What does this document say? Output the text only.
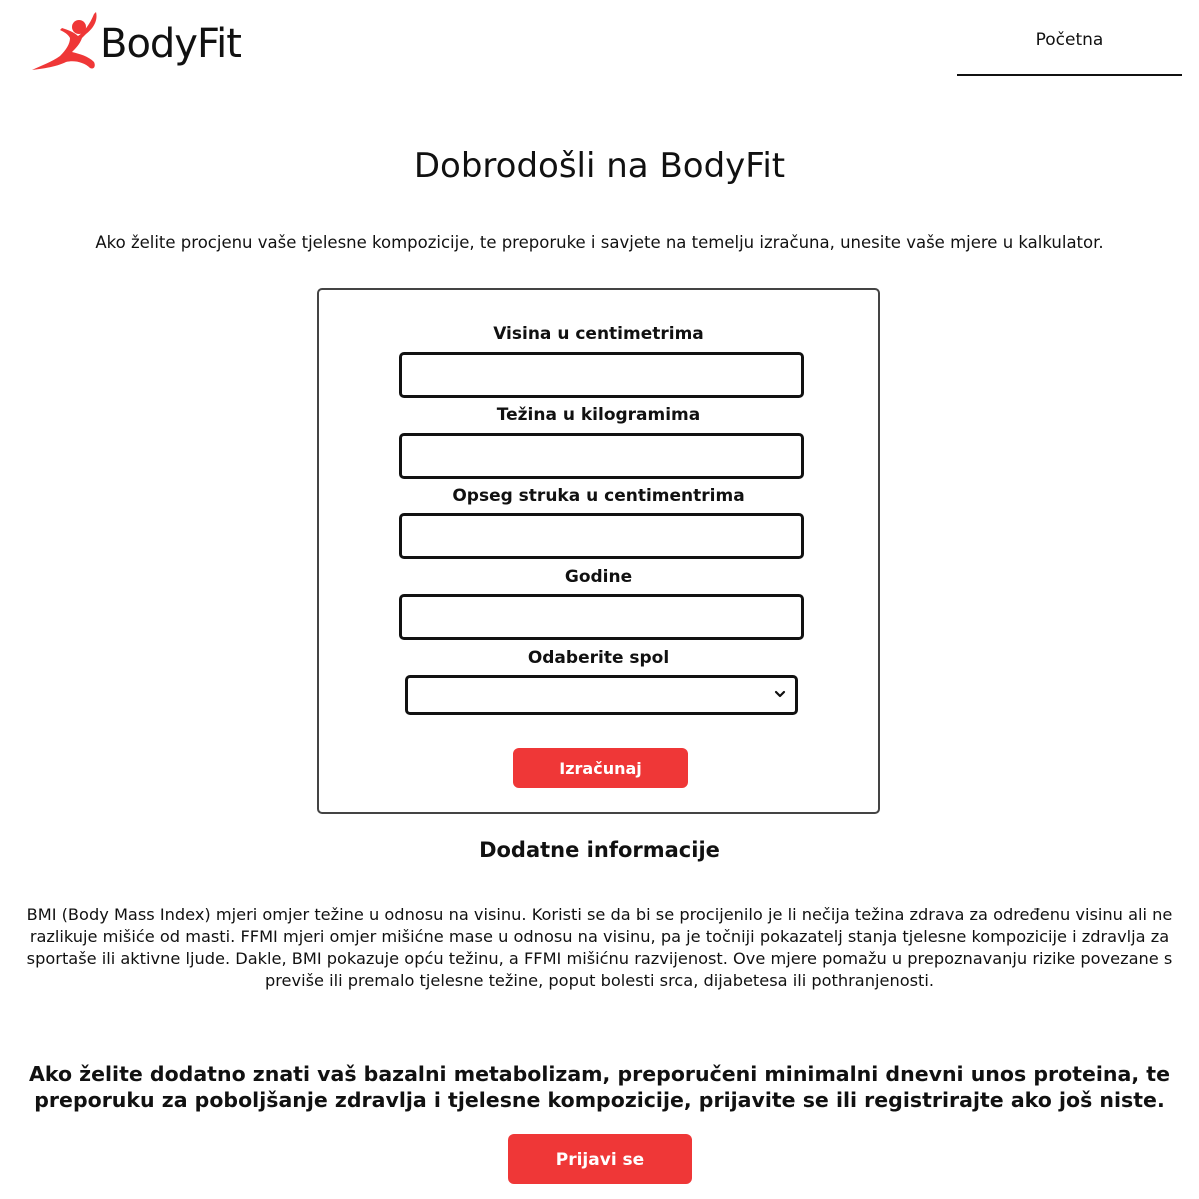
BodyFit	Početna
Dobrodošli na BodyFit

Ako želite procjenu vaše tjelesne kompozicije, te preporuke i savjete na temelju izračuna, unesite vaše mjere u kalkulator.

Visina u centimetrima
Težina u kilogramima
Opseg struka u centimentrima
Godine
Odaberite spol
Izračunaj
Dodatne informacije

BMI (Body Mass Index) mjeri omjer težine u odnosu na visinu. Koristi se da bi se procijenilo je li nečija težina zdrava za određenu visinu ali ne razlikuje mišiće od masti. FFMI mjeri omjer mišićne mase u odnosu na visinu, pa je točniji pokazatelj stanja tjelesne kompozicije i zdravlja za sportaše ili aktivne ljude. Dakle, BMI pokazuje opću težinu, a FFMI mišićnu razvijenost. Ove mjere pomažu u prepoznavanju rizike povezane s previše ili premalo tjelesne težine, poput bolesti srca, dijabetesa ili pothranjenosti.

Ako želite dodatno znati vaš bazalni metabolizam, preporučeni minimalni dnevni unos proteina, te preporuku za poboljšanje zdravlja i tjelesne kompozicije, prijavite se ili registrirajte ako još niste.

Prijavi se
